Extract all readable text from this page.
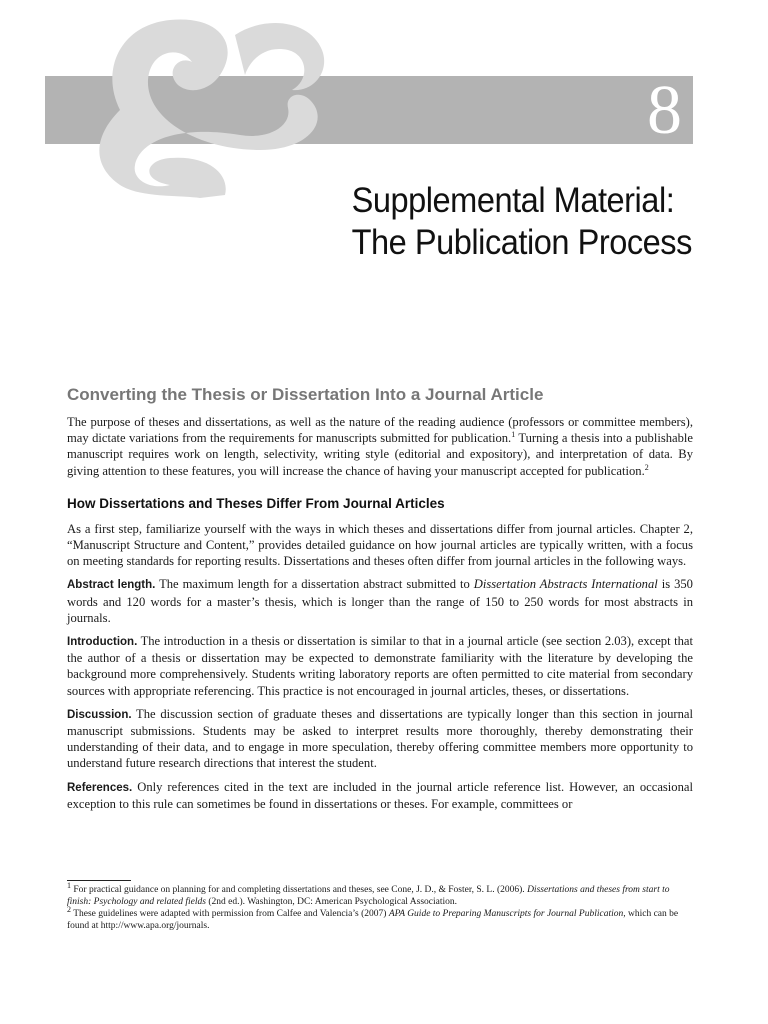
8
Supplemental Material:
The Publication Process
Converting the Thesis or Dissertation Into a Journal Article

The purpose of theses and dissertations, as well as the nature of the reading audience (professors or committee members), may dictate variations from the requirements for manuscripts submitted for publication.$^1$ Turning a thesis into a publishable manuscript requires work on length, selectivity, writing style (editorial and expository), and interpretation of data. By giving attention to these features, you will increase the chance of having your manuscript accepted for publication.$^2$

How Dissertations and Theses Differ From Journal Articles

As a first step, familiarize yourself with the ways in which theses and dissertations differ from journal articles. Chapter 2, “Manuscript Structure and Content,” provides detailed guidance on how journal articles are typically written, with a focus on meeting standards for reporting results. Dissertations and theses often differ from journal articles in the following ways.

Abstract length. The maximum length for a dissertation abstract submitted to Dissertation Abstracts International is 350 words and 120 words for a master’s thesis, which is longer than the range of 150 to 250 words for most abstracts in journals.

Introduction. The introduction in a thesis or dissertation is similar to that in a journal article (see section 2.03), except that the author of a thesis or dissertation may be expected to demonstrate familiarity with the literature by developing the background more comprehensively. Students writing laboratory reports are often permitted to cite material from secondary sources with appropriate referencing. This practice is not encouraged in journal articles, theses, or dissertations.

Discussion. The discussion section of graduate theses and dissertations are typically longer than this section in journal manuscript submissions. Students may be asked to interpret results more thoroughly, thereby demonstrating their understanding of their data, and to engage in more speculation, thereby offering committee members more opportunity to understand future research directions that interest the student.

References. Only references cited in the text are included in the journal article reference list. However, an occasional exception to this rule can sometimes be found in dissertations or theses. For example, committees or

$^1$ For practical guidance on planning for and completing dissertations and theses, see Cone, J. D., & Foster, S. L. (2006). Dissertations and theses from start to finish: Psychology and related fields (2nd ed.). Washington, DC: American Psychological Association.

$^2$ These guidelines were adapted with permission from Calfee and Valencia’s (2007) APA Guide to Preparing Manuscripts for Journal Publication, which can be found at http://www.apa.org/journals.
